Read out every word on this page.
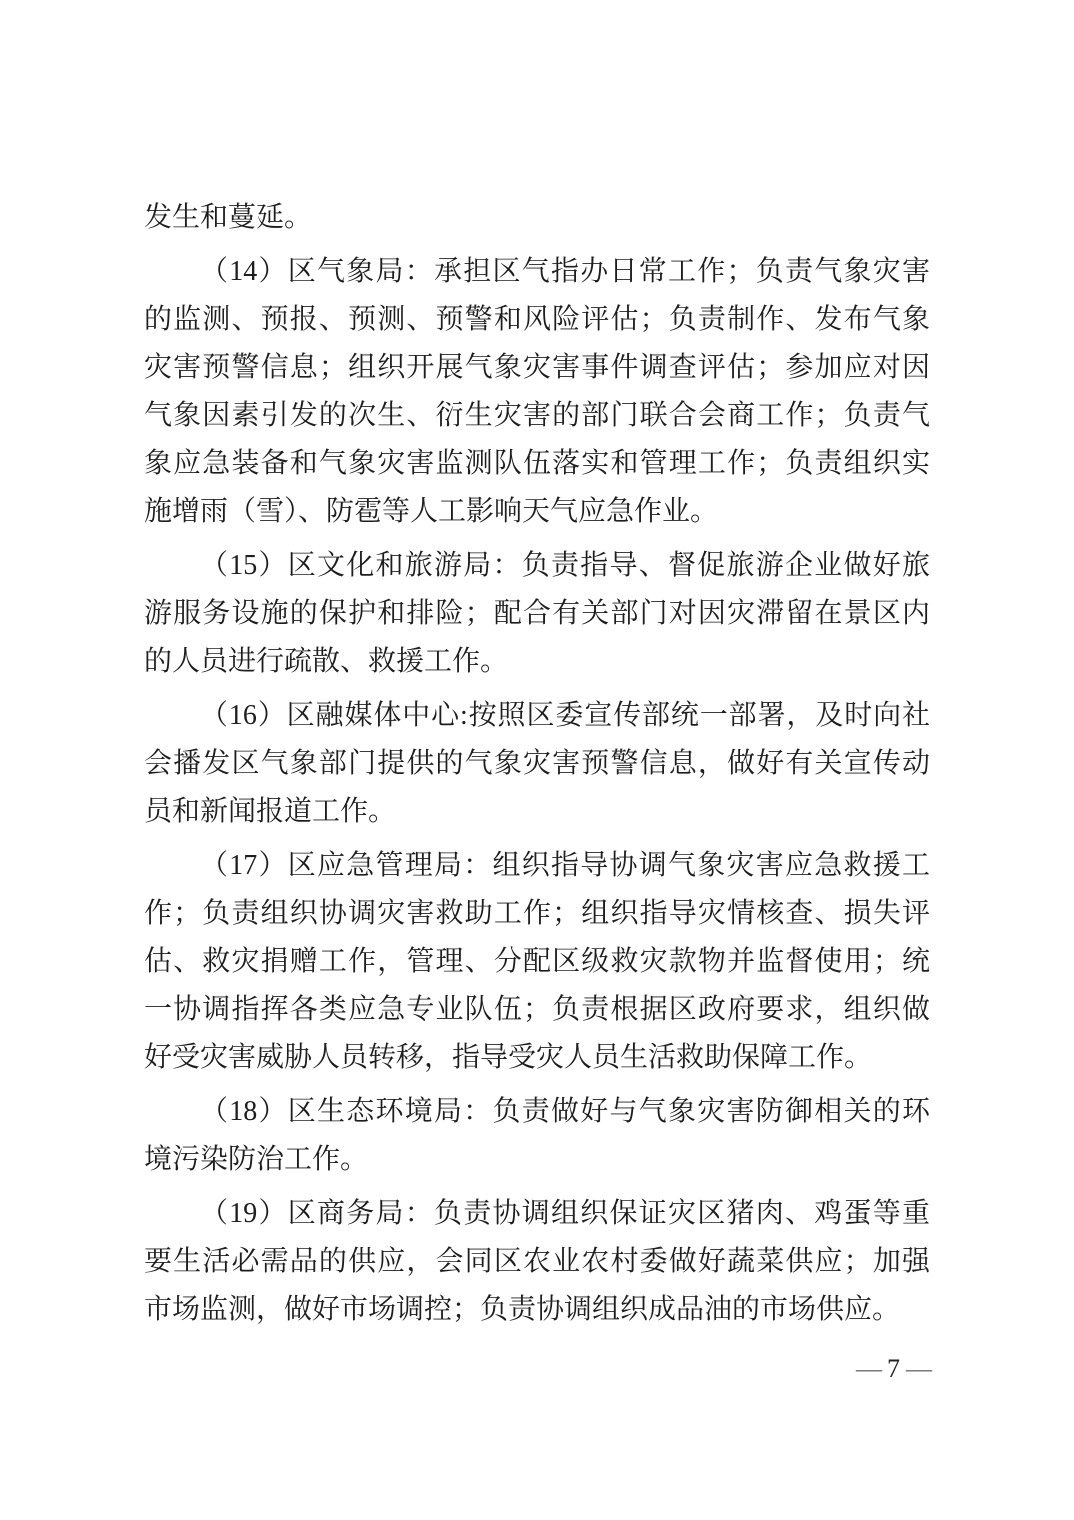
发生和蔓延。
（14）区气象局：承担区气指办日常工作；负责气象灾害
的监测、预报、预测、预警和风险评估；负责制作、发布气象
灾害预警信息；组织开展气象灾害事件调查评估；参加应对因
气象因素引发的次生、衍生灾害的部门联合会商工作；负责气
象应急装备和气象灾害监测队伍落实和管理工作；负责组织实
施增雨（雪）、防雹等人工影响天气应急作业。
（15）区文化和旅游局：负责指导、督促旅游企业做好旅
游服务设施的保护和排险；配合有关部门对因灾滞留在景区内
的人员进行疏散、救援工作。
（16）区融媒体中心:按照区委宣传部统一部署，及时向社
会播发区气象部门提供的气象灾害预警信息，做好有关宣传动
员和新闻报道工作。
（17）区应急管理局：组织指导协调气象灾害应急救援工
作；负责组织协调灾害救助工作；组织指导灾情核查、损失评
估、救灾捐赠工作，管理、分配区级救灾款物并监督使用；统
一协调指挥各类应急专业队伍；负责根据区政府要求，组织做
好受灾害威胁人员转移，指导受灾人员生活救助保障工作。
（18）区生态环境局：负责做好与气象灾害防御相关的环
境污染防治工作。
（19）区商务局：负责协调组织保证灾区猪肉、鸡蛋等重
要生活必需品的供应，会同区农业农村委做好蔬菜供应；加强
市场监测，做好市场调控；负责协调组织成品油的市场供应。
— 7 —
